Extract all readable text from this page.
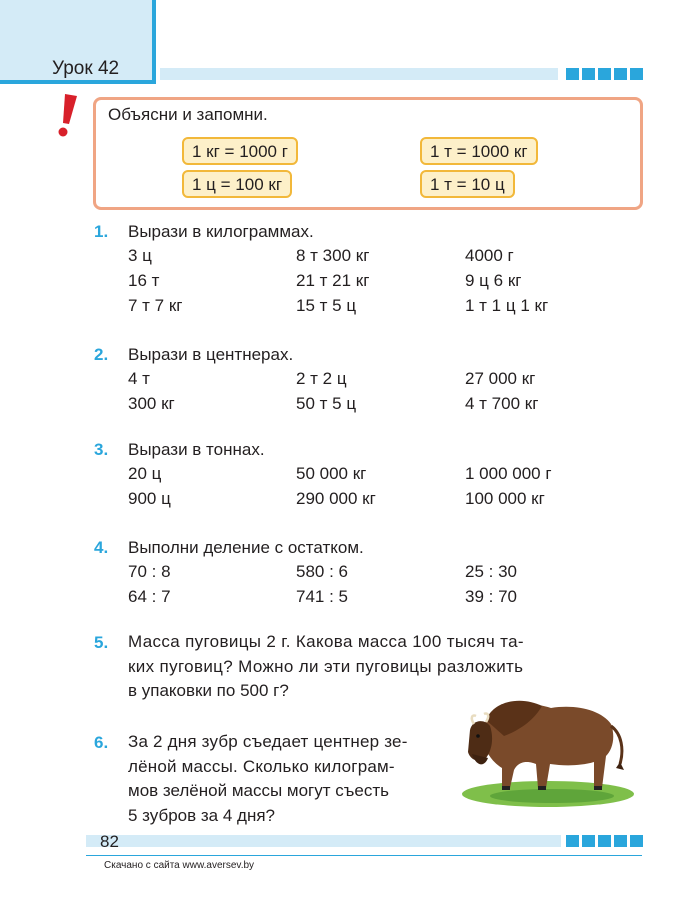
Урок 42
Объясни и запомни.
1 кг = 1000 г	1 т = 1000 кг
1 ц = 100 кг	1 т = 10 ц
1. Вырази в килограммах.
3 ц	8 т 300 кг	4000 г
16 т	21 т 21 кг	9 ц 6 кг
7 т 7 кг	15 т 5 ц	1 т 1 ц 1 кг
2. Вырази в центнерах.
4 т	2 т 2 ц	27 000 кг
300 кг	50 т 5 ц	4 т 700 кг
3. Вырази в тоннах.
20 ц	50 000 кг	1 000 000 г
900 ц	290 000 кг	100 000 кг
4. Выполни деление с остатком.
70 : 8	580 : 6	25 : 30
64 : 7	741 : 5	39 : 70
5. Масса пуговицы 2 г. Какова масса 100 тысяч та-
ких пуговиц? Можно ли эти пуговицы разложить
в упаковки по 500 г?
6. За 2 дня зубр съедает центнер зе-
лёной массы. Сколько килограм-
мов зелёной массы могут съесть
5 зубров за 4 дня?
82
Скачано с сайта www.aversev.by
